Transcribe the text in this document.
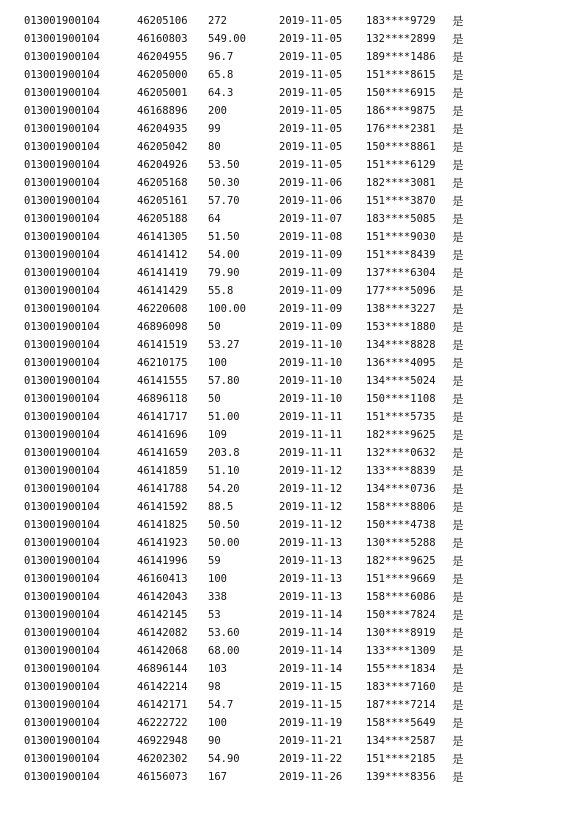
013001900104	46205106 272	2019-11-05 183****9729 是
013001900104	46160803 549.00	2019-11-05 132****2899 是
013001900104	46204955 96.7	2019-11-05 189****1486 是
013001900104	46205000 65.8	2019-11-05 151****8615 是
013001900104	46205001 64.3	2019-11-05 150****6915 是
013001900104	46168896 200	2019-11-05 186****9875 是
013001900104	46204935 99	2019-11-05 176****2381 是
013001900104	46205042 80	2019-11-05 150****8861 是
013001900104	46204926 53.50	2019-11-05 151****6129 是
013001900104	46205168 50.30	2019-11-06 182****3081 是
013001900104	46205161 57.70	2019-11-06 151****3870 是
013001900104	46205188 64	2019-11-07 183****5085 是
013001900104	46141305 51.50	2019-11-08 151****9030 是
013001900104	46141412 54.00	2019-11-09 151****8439 是
013001900104	46141419 79.90	2019-11-09 137****6304 是
013001900104	46141429 55.8	2019-11-09 177****5096 是
013001900104	46220608 100.00	2019-11-09 138****3227 是
013001900104	46896098 50	2019-11-09 153****1880 是
013001900104	46141519 53.27	2019-11-10 134****8828 是
013001900104	46210175 100	2019-11-10 136****4095 是
013001900104	46141555 57.80	2019-11-10 134****5024 是
013001900104	46896118 50	2019-11-10 150****1108 是
013001900104	46141717 51.00	2019-11-11 151****5735 是
013001900104	46141696 109	2019-11-11 182****9625 是
013001900104	46141659 203.8	2019-11-11 132****0632 是
013001900104	46141859 51.10	2019-11-12 133****8839 是
013001900104	46141788 54.20	2019-11-12 134****0736 是
013001900104	46141592 88.5	2019-11-12 158****8806 是
013001900104	46141825 50.50	2019-11-12 150****4738 是
013001900104	46141923 50.00	2019-11-13 130****5288 是
013001900104	46141996 59	2019-11-13 182****9625 是
013001900104	46160413 100	2019-11-13 151****9669 是
013001900104	46142043 338	2019-11-13 158****6086 是
013001900104	46142145 53	2019-11-14 150****7824 是
013001900104	46142082 53.60	2019-11-14 130****8919 是
013001900104	46142068 68.00	2019-11-14 133****1309 是
013001900104	46896144 103	2019-11-14 155****1834 是
013001900104	46142214 98	2019-11-15 183****7160 是
013001900104	46142171 54.7	2019-11-15 187****7214 是
013001900104	46222722 100	2019-11-19 158****5649 是
013001900104	46922948 90	2019-11-21 134****2587 是
013001900104	46202302 54.90	2019-11-22 151****2185 是
013001900104	46156073 167	2019-11-26 139****8356 是
